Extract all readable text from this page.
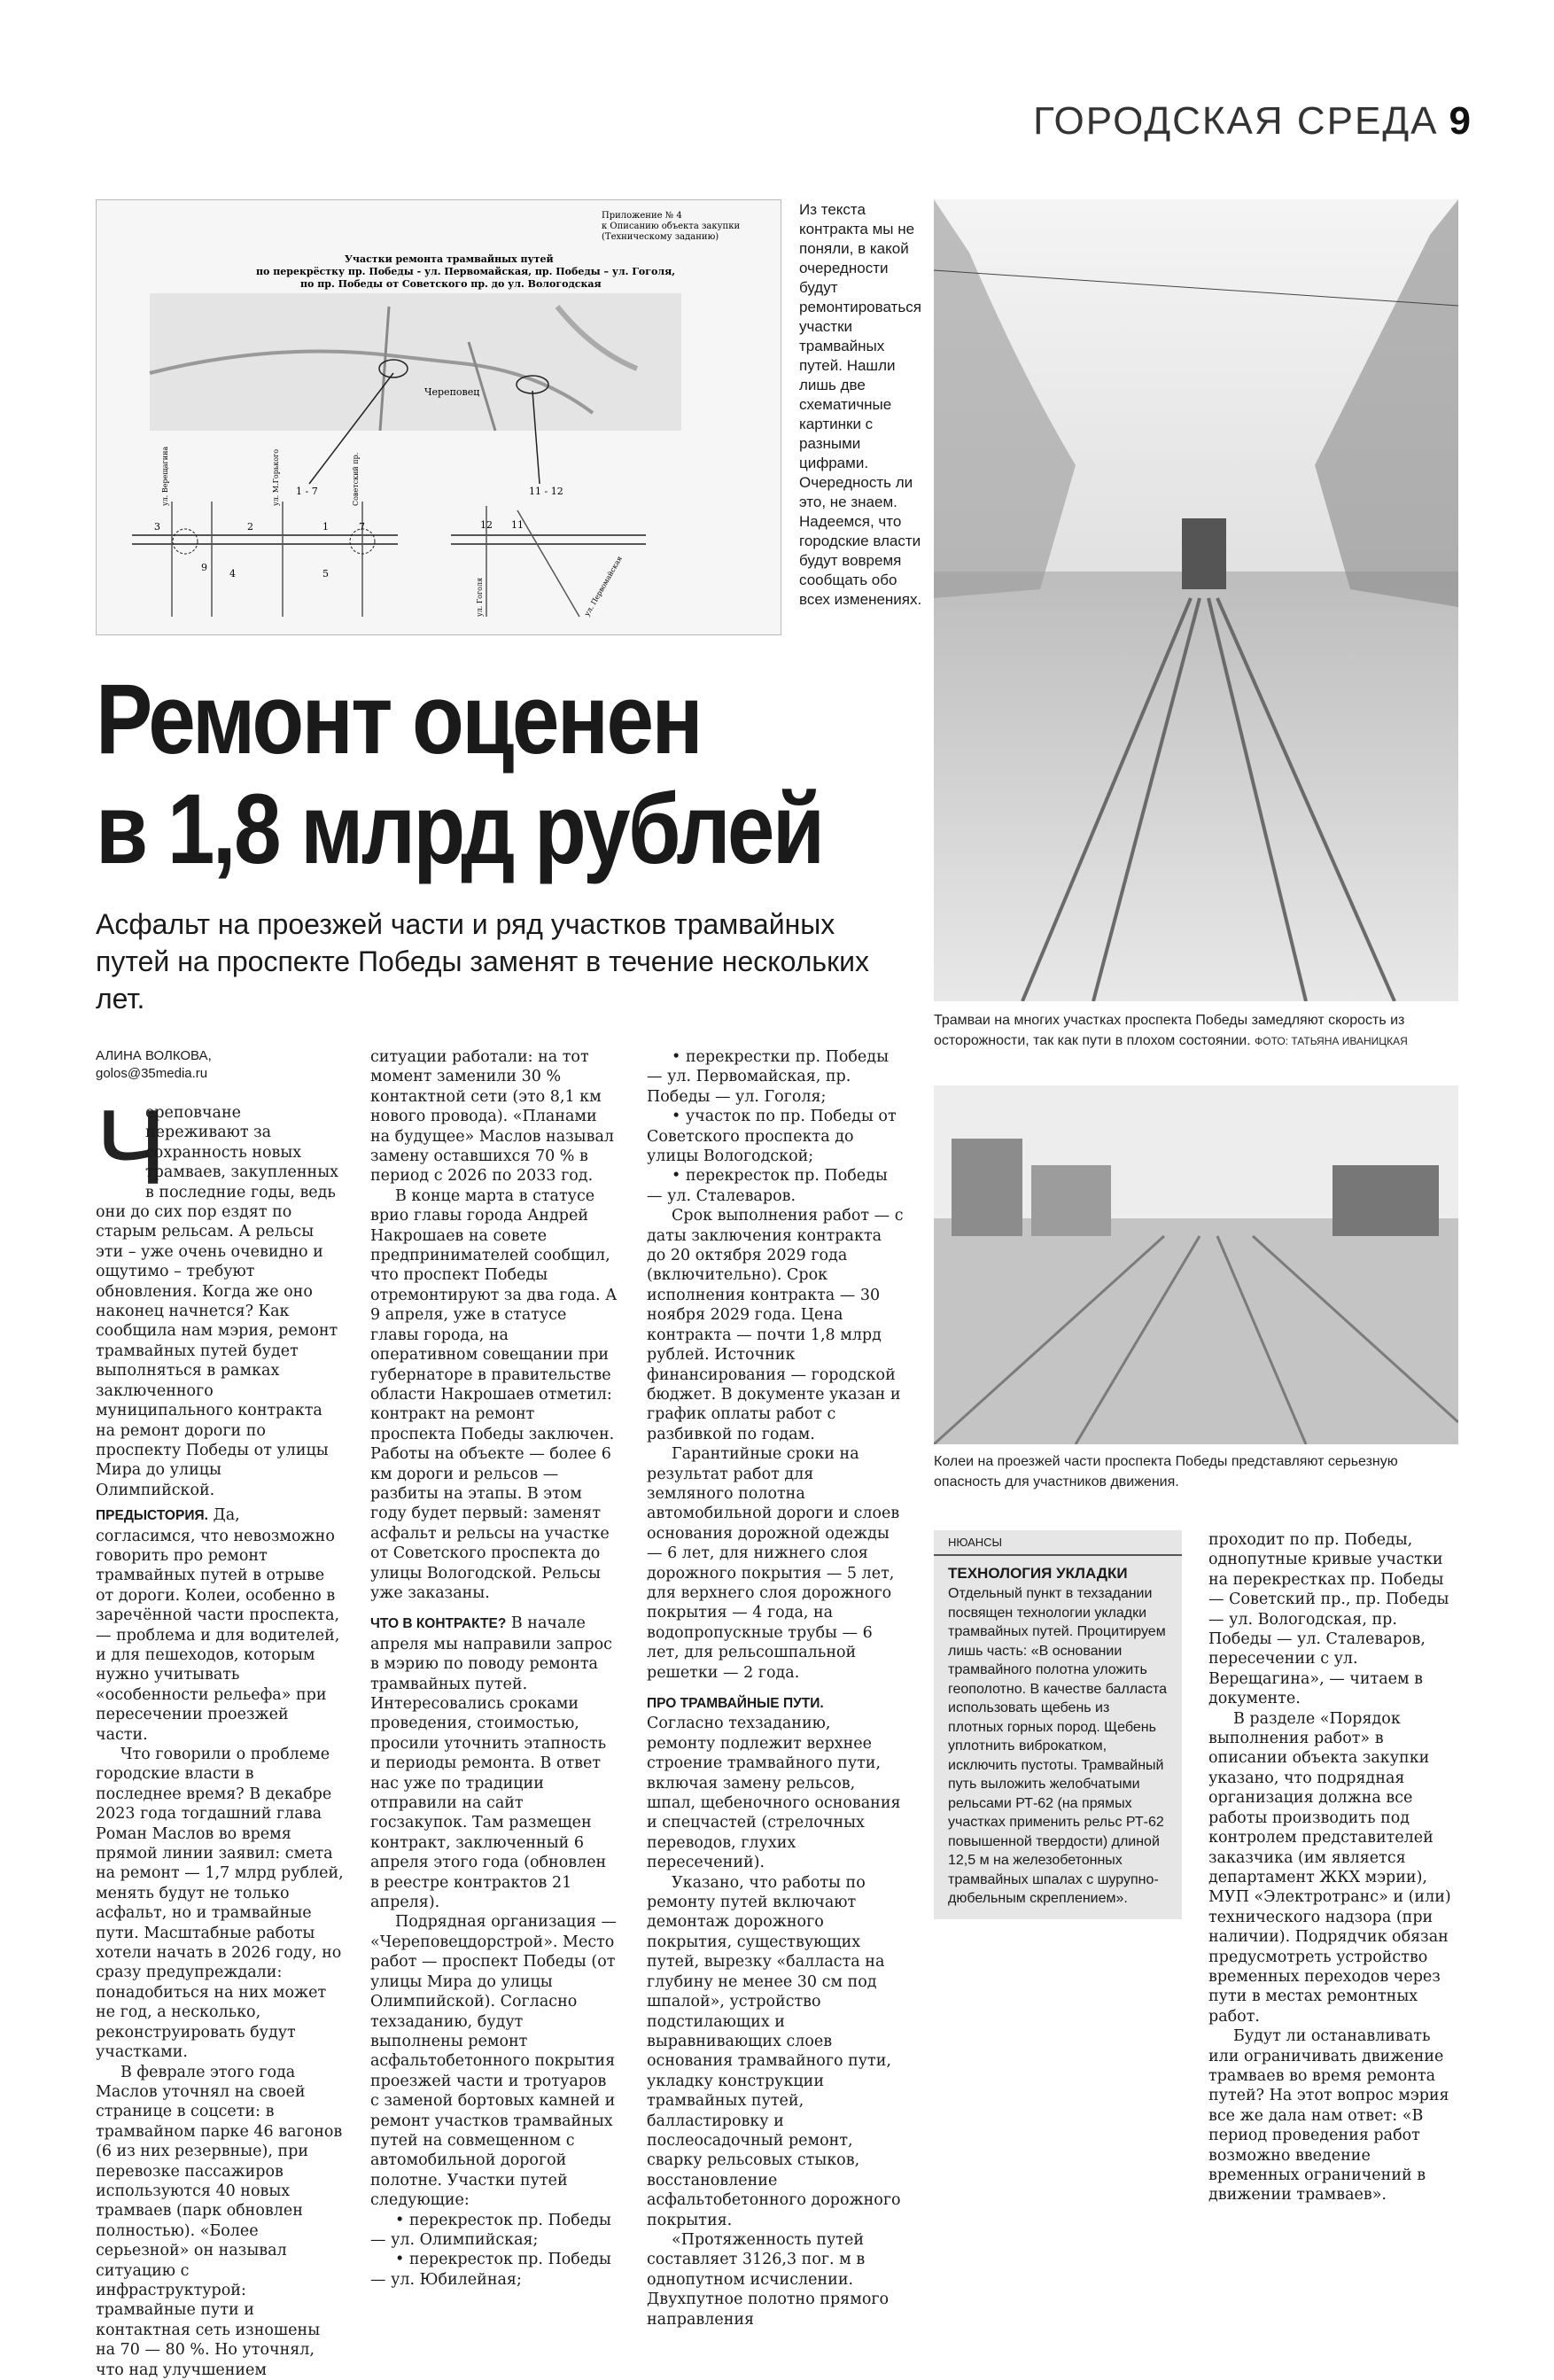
ГОРОДСКАЯ СРЕДА 9
Приложение № 4
к Описанию объекта закупки
(Техническому заданию)
Участки ремонта трамвайных путей
по перекрёстку пр. Победы - ул. Первомайская, пр. Победы – ул. Гоголя,
по пр. Победы от Советского пр. до ул. Вологодская
Череповец
1 - 7	11 - 12
3
9
2	1	7
4	5
ул. Верещагина	ул. М.Горького	Советский пр.
12 11
ул. Гоголя	ул. Первомайская
Из текста контракта мы не поняли, в какой очередности будут ремонтироваться участки трамвайных путей. Нашли лишь две схематичные картинки с разными цифрами. Очередность ли это, не знаем. Надеемся, что городские власти будут вовремя сообщать обо всех изменениях.
Трамваи на многих участках проспекта Победы замедляют скорость из осторожности, так как пути в плохом состоянии. ФОТО: ТАТЬЯНА ИВАНИЦКАЯ
Колеи на проезжей части проспекта Победы представляют серьезную опасность для участников движения.
Ремонт оценен
в 1,8 млрд рублей
Асфальт на проезжей части и ряд участков трамвайных путей на проспекте Победы заменят в течение нескольких лет.
АЛИНА ВОЛКОВА,
golos@35media.ru

Ч
ереповчане переживают за сохранность новых трамваев, закупленных в последние годы, ведь они до сих пор ездят по старым рельсам. А рельсы эти – уже очень очевидно и ощутимо – требуют обновления. Когда же оно наконец начнется? Как сообщила нам мэрия, ремонт трамвайных путей будет выполняться в рамках заключенного муниципального контракта на ремонт дороги по проспекту Победы от улицы Мира до улицы Олимпийской.

ПРЕДЫСТОРИЯ. Да, согласимся, что невозможно говорить про ремонт трамвайных путей в отрыве от дороги. Колеи, особенно в заречённой части проспекта, — проблема и для водителей, и для пешеходов, которым нужно учитывать «особенности рельефа» при пересечении проезжей части.

Что говорили о проблеме городские власти в последнее время? В декабре 2023 года тогдашний глава Роман Маслов во время прямой линии заявил: смета на ремонт — 1,7 млрд рублей, менять будут не только асфальт, но и трамвайные пути. Масштабные работы хотели начать в 2026 году, но сразу предупреждали: понадобиться на них может не год, а несколько, реконструировать будут участками.

В феврале этого года Маслов уточнял на своей странице в соцсети: в трамвайном парке 46 вагонов (6 из них резервные), при перевозке пассажиров используются 40 новых трамваев (парк обновлен полностью). «Более серьезной» он называл ситуацию с инфраструктурой: трамвайные пути и контактная сеть изношены на 70 — 80 %. Но уточнял, что над улучшением

ситуации работали: на тот момент заменили 30 % контактной сети (это 8,1 км нового провода). «Планами на будущее» Маслов называл замену оставшихся 70 % в период с 2026 по 2033 год.

В конце марта в статусе врио главы города Андрей Накрошаев на совете предпринимателей сообщил, что проспект Победы отремонтируют за два года. А 9 апреля, уже в статусе главы города, на оперативном совещании при губернаторе в правительстве области Накрошаев отметил: контракт на ремонт проспекта Победы заключен. Работы на объекте — более 6 км дороги и рельсов — разбиты на этапы. В этом году будет первый: заменят асфальт и рельсы на участке от Советского проспекта до улицы Вологодской. Рельсы уже заказаны.

ЧТО В КОНТРАКТЕ? В начале апреля мы направили запрос в мэрию по поводу ремонта трамвайных путей. Интересовались сроками проведения, стоимостью, просили уточнить этапность и периоды ремонта. В ответ нас уже по традиции отправили на сайт госзакупок. Там размещен контракт, заключенный 6 апреля этого года (обновлен в реестре контрактов 21 апреля).

Подрядная организация — «Череповецдорстрой». Место работ — проспект Победы (от улицы Мира до улицы Олимпийской). Согласно техзаданию, будут выполнены ремонт асфальтобетонного покрытия проезжей части и тротуаров с заменой бортовых камней и ремонт участков трамвайных путей на совмещенном с автомобильной дорогой полотне. Участки путей следующие:

• перекресток пр. Победы — ул. Олимпийская;

• перекресток пр. Победы — ул. Юбилейная;

• перекрестки пр. Победы — ул. Первомайская, пр. Победы — ул. Гоголя;

• участок по пр. Победы от Советского проспекта до улицы Вологодской;

• перекресток пр. Победы — ул. Сталеваров.

Срок выполнения работ — с даты заключения контракта до 20 октября 2029 года (включительно). Срок исполнения контракта — 30 ноября 2029 года. Цена контракта — почти 1,8 млрд рублей. Источник финансирования — городской бюджет. В документе указан и график оплаты работ с разбивкой по годам.

Гарантийные сроки на результат работ для земляного полотна автомобильной дороги и слоев основания дорожной одежды — 6 лет, для нижнего слоя дорожного покрытия — 5 лет, для верхнего слоя дорожного покрытия — 4 года, на водопропускные трубы — 6 лет, для рельсошпальной решетки — 2 года.

ПРО ТРАМВАЙНЫЕ ПУТИ. Согласно техзаданию, ремонту подлежит верхнее строение трамвайного пути, включая замену рельсов, шпал, щебеночного основания и спецчастей (стрелочных переводов, глухих пересечений).

Указано, что работы по ремонту путей включают демонтаж дорожного покрытия, существующих путей, вырезку «балласта на глубину не менее 30 см под шпалой», устройство подстилающих и выравнивающих слоев основания трамвайного пути, укладку конструкции трамвайных путей, балластировку и послеосадочный ремонт, сварку рельсовых стыков, восстановление асфальтобетонного дорожного покрытия.

«Протяженность путей составляет 3126,3 пог. м в однопутном исчислении. Двухпутное полотно прямого направления

НЮАНСЫ
ТЕХНОЛОГИЯ УКЛАДКИ
Отдельный пункт в техзадании посвящен технологии укладки трамвайных путей. Процитируем лишь часть: «В основании трамвайного полотна уложить геополотно. В качестве балласта использовать щебень из плотных горных пород. Щебень уплотнить виброкатком, исключить пустоты. Трамвайный путь выложить желобчатыми рельсами РТ-62 (на прямых участках применить рельс РТ-62 повышенной твердости) длиной 12,5 м на железобетонных трамвайных шпалах с шурупно-дюбельным скреплением».

проходит по пр. Победы, однопутные кривые участки на перекрестках пр. Победы — Советский пр., пр. Победы — ул. Вологодская, пр. Победы — ул. Сталеваров, пересечении с ул. Верещагина», — читаем в документе.

В разделе «Порядок выполнения работ» в описании объекта закупки указано, что подрядная организация должна все работы производить под контролем представителей заказчика (им является департамент ЖКХ мэрии), МУП «Электротранс» и (или) технического надзора (при наличии). Подрядчик обязан предусмотреть устройство временных переходов через пути в местах ремонтных работ.

Будут ли останавливать или ограничивать движение трамваев во время ремонта путей? На этот вопрос мэрия все же дала нам ответ: «В период проведения работ возможно введение временных ограничений в движении трамваев».
